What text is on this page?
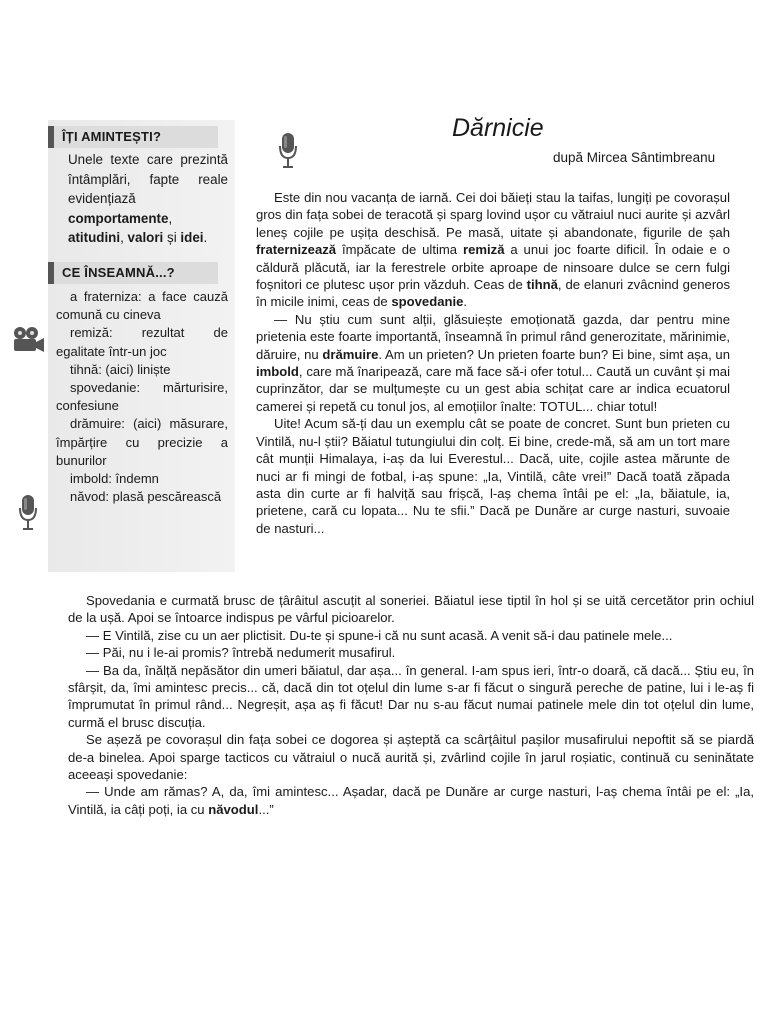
ÎȚI AMINTEȘTI?

Unele texte care prezintă întâmplări, fapte reale evidențiază comportamente, atitudini, valori și idei.

CE ÎNSEAMNĂ...?

a fraterniza: a face cauză comună cu cineva

remiză: rezultat de egalitate într-un joc

tihnă: (aici) liniște

spovedanie: mărturisire, confesiune

drămuire: (aici) măsurare, împărțire cu precizie a bunurilor

imbold: îndemn

năvod: plasă pescărească

Dărnicie

după Mircea Sântimbreanu

Este din nou vacanța de iarnă. Cei doi băieți stau la taifas, lungiți pe covorașul gros din fața sobei de teracotă și sparg lovind ușor cu vătraiul nuci aurite și azvârl leneș cojile pe ușița deschisă. Pe masă, uitate și abandonate, figurile de șah fraternizează împăcate de ultima remiză a unui joc foarte dificil. În odaie e o căldură plăcută, iar la ferestrele orbite aproape de ninsoare dulce se cern fulgi foșnitori ce plutesc ușor prin văzduh. Ceas de tihnă, de elanuri zvâcnind generos în micile inimi, ceas de spovedanie.

— Nu știu cum sunt alții, glăsuiește emoționată gazda, dar pentru mine prietenia este foarte importantă, înseamnă în primul rând generozitate, mărinimie, dăruire, nu drămuire. Am un prieten? Un prieten foarte bun? Ei bine, simt așa, un imbold, care mă înaripează, care mă face să-i ofer totul... Caută un cuvânt și mai cuprinzător, dar se mulțumește cu un gest abia schițat care ar indica ecuatorul camerei și repetă cu tonul jos, al emoțiilor înalte: TOTUL... chiar totul!

Uite! Acum să-ți dau un exemplu cât se poate de concret. Sunt bun prieten cu Vintilă, nu-l știi? Băiatul tutungiului din colț. Ei bine, crede-mă, să am un tort mare cât munții Himalaya, i-aș da lui Everestul... Dacă, uite, cojile astea mărunte de nuci ar fi mingi de fotbal, i-aș spune: „Ia, Vintilă, câte vrei!” Dacă toată zăpada asta din curte ar fi halviță sau frișcă, l-aș chema întâi pe el: „Ia, băiatule, ia, prietene, cară cu lopata... Nu te sfii.” Dacă pe Dunăre ar curge nasturi, suvoaie de nasturi...

Spovedania e curmată brusc de țârâitul ascuțit al soneriei. Băiatul iese tiptil în hol și se uită cercetător prin ochiul de la ușă. Apoi se întoarce indispus pe vârful picioarelor.

— E Vintilă, zise cu un aer plictisit. Du-te și spune-i că nu sunt acasă. A venit să-i dau patinele mele...

— Păi, nu i le-ai promis? întrebă nedumerit musafirul.

— Ba da, înălță nepăsător din umeri băiatul, dar așa... în general. I-am spus ieri, într-o doară, că dacă... Știu eu, în sfârșit, da, îmi amintesc precis... că, dacă din tot oțelul din lume s-ar fi făcut o singură pereche de patine, lui i le-aș fi împrumutat în primul rând... Negreșit, așa aș fi făcut! Dar nu s-au făcut numai patinele mele din tot oțelul din lume, curmă el brusc discuția.

Se așeză pe covorașul din fața sobei ce dogorea și așteptă ca scârțâitul pașilor musafirului nepoftit să se piardă de-a binelea. Apoi sparge tacticos cu vătraiul o nucă aurită și, zvârlind cojile în jarul roșiatic, continuă cu seninătate aceeași spovedanie:

— Unde am rămas? A, da, îmi amintesc... Așadar, dacă pe Dunăre ar curge nasturi, l-aș chema întâi pe el: „Ia, Vintilă, ia câți poți, ia cu năvodul...”
